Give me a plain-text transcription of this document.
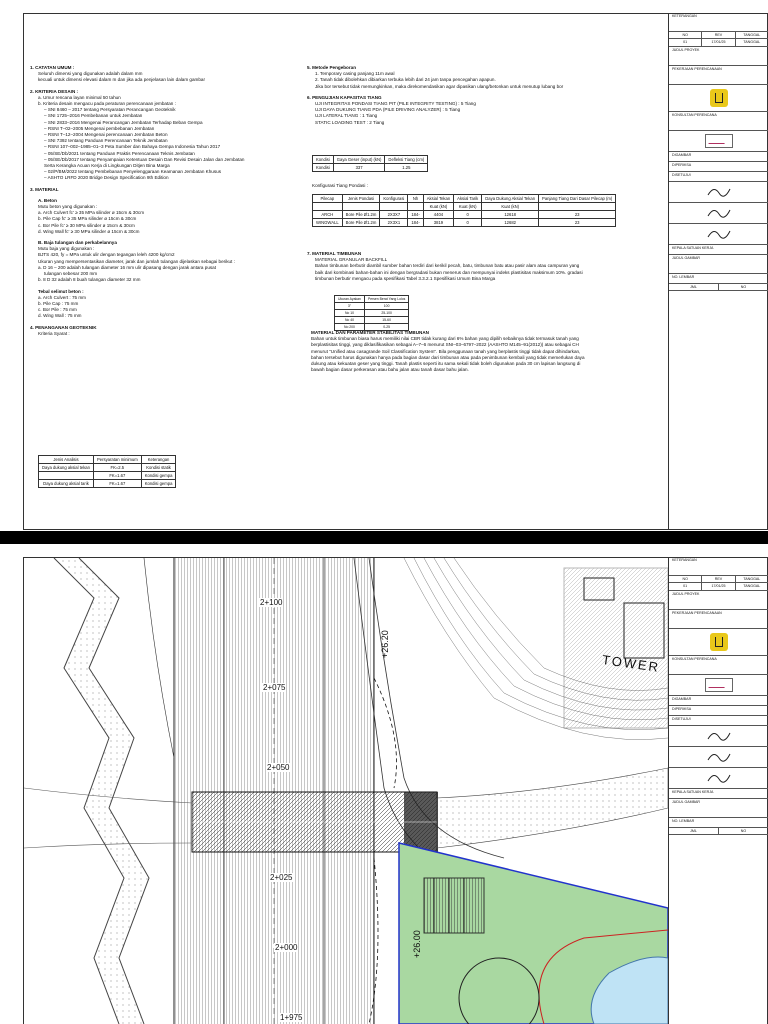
1. CATATAN UMUM :

Seluruh dimensi yang digunakan adalah dalam mm

kecuali untuk dimensi elevasi dalam m dan jika ada penjelasan lain dalam gambar

2. KRITERIA DESAIN :

a. Umur rencana layan minimal 50 tahun

b. Kriteria desain mengacu pada peraturan perencanaan jembatan :

– SNI 8460 – 2017 tentang Persyaratan Perancangan Geoteknik

– SNI 1725–2016 Pembebanan untuk Jembatan

– SNI 2833–2016 Mengenai Perancangan Jembatan Terhadap Beban Gempa

– RSNI T–02–2005 Mengenai pembebanan Jembatan

– RSNI T–12–2004 Mengenai perencanaan Jembatan Beton

– SNI 7392 tentang Panduan Perencanaan Teknik Jembatan

– RSNI 107–002–1985–01–3 Peta Sumber dan Bahaya Gempa Indonesia Tahun 2017

– 05/SE/Db/2021 tentang Panduan Praktis Perencanaan Teknis Jembatan

– 05/SE/Db/2017 tentang Penyampaian Ketentuan Desain Dan Revisi Desain Jalan dan Jembatan

Serta Kerangka Acuan Kerja di Lingkungan Ditjen Bina Marga

– 02/P/BM/2022 tentang Pembebanan Penyelenggaraan Keamanan Jembatan Khusus

– ASHTO LRFD 2020 Bridge Design Specification 9th Edition

3. MATERIAL

A. Beton

Mutu beton yang digunakan :

a. Arch Culvert fc' ≥ 35 MPa silinder ø 15cm & 30cm

b. Pile Cap fc' ≥ 35 MPa silinder ø 15cm & 30cm

c. Bor Pile fc' ≥ 30 MPa silinder ø 15cm & 30cm

d. Wing Wall fc' ≥ 30 MPa silinder ø 15cm & 30cm

B. Baja tulangan dan perkabelannya

Mutu baja yang digunakan :

BJTS 420, fy = MPa untuk ulir dengan tegangan leleh 4200 kg/cm2

Ukuran yang mempersentasikan diameter, jarak dan jumlah tulangan dijelaskan sebagai berikut :

a. D 16 – 200 adalah tulangan diameter 16 mm ulir dipasang dengan jarak antara pusat

tulangan sebesar 200 mm

b. 8 D 32 adalah 8 buah tulangan diameter 32 mm

Tebal selimut beton :

a. Arch Culvert : 75 mm

b. Pile Cap : 75 mm

c. Bor Pile : 75 mm

d. Wing Wall : 75 mm

4. PENANGANAN GEOTEKNIK

Kriteria Syarat :

Jenis Analisis	Persyaratan minimum	Keterangan
Daya dukung aksial tekan	FK=2.5	Kondisi statik
	FK=1.67	Kondisi gempa
Daya dukung aksial tarik	FK=1.67	Kondisi gempa

5. Metode Pengeboran

1. Temporary casing panjang 11m awal

2. Tanah tidak dibolehkan dibiarkan terbuka lebih dari 24 jam tanpa pencegahan apapun.

Jika bor tersebut tidak memungkinkan, maka direkomendasikan agar dipasikan ulang/betonkan untuk menutup lubang bor

6. PENGUJIAN KAPASITAS TIANG

UJI INTEGRITAS PONDASI TIANG PIT (PILE INTEGRITY TESTING) : 5 Tiang

UJI DAYA DUKUNG TIANG PDA (PILE DRIVING ANALYZER) : 5 Tiang

UJI LATERAL TIANG : 1 Tiang

STATIC LOADING TEST : 2 Tiang

Kondisi	Gaya Geser (input) (kN)	Defleksi Tiang (cm)
Kondisi	337	1.25

Konfigurasi Tiang Pondasi :

Pilecap	Jenis Pondasi	Konfigurasi	Nh	Aksial Tekan	Aksial Tarik	Daya Dukung Aksial Tekan	Panjang Tiang Dari Dasar Pilecap (m)
				Kuat (kN)	Kuat (kN)	Kuat (kN)	
ARCH	Bore Pile Ø1.2m	2X3X7	184-	4404	0	12618	23
WINGWALL	Bore Pile Ø1.2m	2X3X1	184-	3819	0	12682	23

7. MATERIAL TIMBUNAN

MATERIAL GRANULAR BACKFILL

Bahan timbunan berbutir diambil sumber bahan terdiri dari kerikil pecah, batu, timbunan batu atau pasir alam atau campuran yang

baik dari kombinasi bahan-bahan ini dengan bergradasi bukan menerus dan mempunyai indeks plastisitas maksimum 10%. gradasi

timbunan berbutir mengacu pada spesifikasi Tabel 3.3.2.1 Spesifikasi Umum Bina Marga

Ukuran Ayakan	Persen Berat Yang Lolos
3"	100
No 10	25-100
No 40	15-60
No 200	0-25

MATERIAL DAN PARAMETER STABILITAS TIMBUNAN

Bahan untuk timbunan biasa harus memiliki nilai CBR tidak kurang dari 6% bahan yang dipilih sebaiknya tidak termasuk tanah yang

berplastisitas tinggi, yang diklasifikasikan sebagai A–7–6 menurut SNI–03–6797–2022 (AASHTO M145–91(2012)) atau sebagai CH

menurut "Unified atau casagrande Soil Classification System". Bila penggunaan tanah yang berplastis tinggi tidak dapat dihindarkan,

bahan tersebut harus digunakan hanya pada bagian dasar dari timbunan atau pada penimbunan kembali yang tidak memerlukan daya

dukung atau kekuatan geser yang tinggi. Tanah plastis seperti itu sama sekali tidak boleh digunakan pada 30 cm lapisan langsung di

bawah bagian dasar perkerasan atau bahu jalan atau tanah dasar bahu jalan.

KETERANGAN
NO	REV	TANGGAL
01	17/01/25	TANGGAL
JUDUL PROYEK
PEKERJAAN PERENCANAAN
KONSULTAN PERENCANA
DIGAMBAR
DIPERIKSA
DISETUJUI
KEPALA SATUAN KERJA
JUDUL GAMBAR
NO. LEMBAR
JML	NO
2+100
2+075
2+050
2+025
2+000
1+975
+26.20
+26.00
TOWER
KETERANGAN
NO	REV	TANGGAL
01	17/01/25	TANGGAL
JUDUL PROYEK
PEKERJAAN PERENCANAAN
KONSULTAN PERENCANA
DIGAMBAR
DIPERIKSA
DISETUJUI
KEPALA SATUAN KERJA
JUDUL GAMBAR
NO. LEMBAR
JML	NO
